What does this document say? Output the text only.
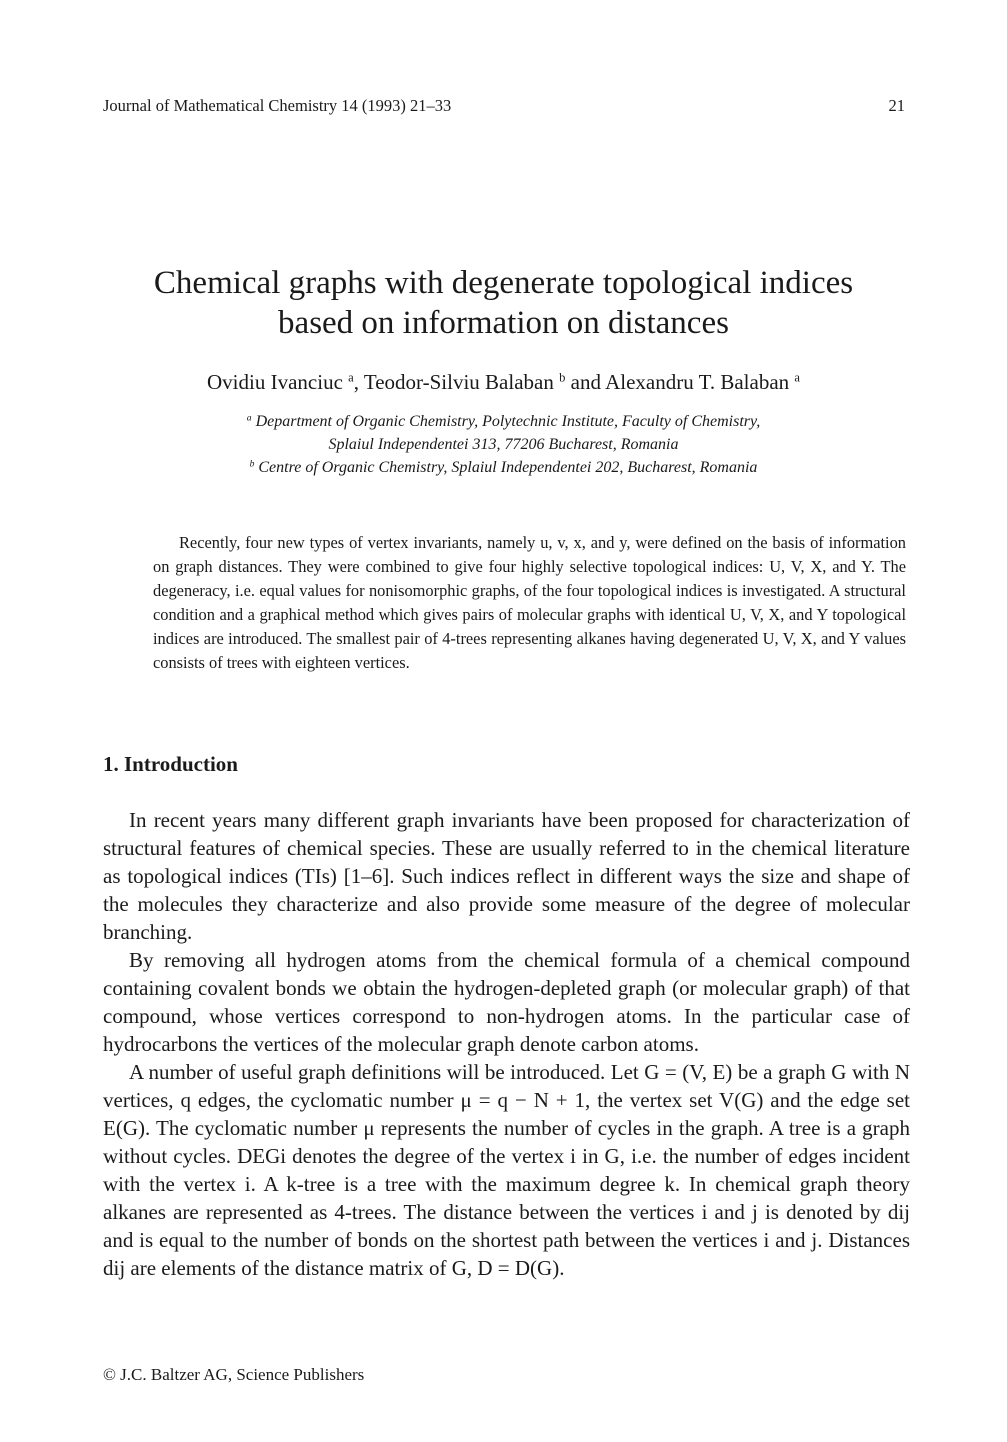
Journal of Mathematical Chemistry 14 (1993) 21–33	21
Chemical graphs with degenerate topological indices
based on information on distances
Ovidiu Ivanciuc $^a$, Teodor-Silviu Balaban $^b$ and Alexandru T. Balaban $^a$
$^a$ Department of Organic Chemistry, Polytechnic Institute, Faculty of Chemistry,
Splaiul Independentei 313, 77206 Bucharest, Romania
$^b$ Centre of Organic Chemistry, Splaiul Independentei 202, Bucharest, Romania

Recently, four new types of vertex invariants, namely u, v, x, and y, were defined on the basis of information on graph distances. They were combined to give four highly selective topological indices: U, V, X, and Y. The degeneracy, i.e. equal values for nonisomorphic graphs, of the four topological indices is investigated. A structural condition and a graphical method which gives pairs of molecular graphs with identical U, V, X, and Y topological indices are introduced. The smallest pair of 4-trees representing alkanes having degenerated U, V, X, and Y values consists of trees with eighteen vertices.

1. Introduction

In recent years many different graph invariants have been proposed for characterization of structural features of chemical species. These are usually referred to in the chemical literature as topological indices (TIs) [1–6]. Such indices reflect in different ways the size and shape of the molecules they characterize and also provide some measure of the degree of molecular branching.

By removing all hydrogen atoms from the chemical formula of a chemical compound containing covalent bonds we obtain the hydrogen-depleted graph (or molecular graph) of that compound, whose vertices correspond to non-hydrogen atoms. In the particular case of hydrocarbons the vertices of the molecular graph denote carbon atoms.

A number of useful graph definitions will be introduced. Let G = (V, E) be a graph G with N vertices, q edges, the cyclomatic number μ = q − N + 1, the vertex set V(G) and the edge set E(G). The cyclomatic number μ represents the number of cycles in the graph. A tree is a graph without cycles. DEGi denotes the degree of the vertex i in G, i.e. the number of edges incident with the vertex i. A k-tree is a tree with the maximum degree k. In chemical graph theory alkanes are represented as 4-trees. The distance between the vertices i and j is denoted by dij and is equal to the number of bonds on the shortest path between the vertices i and j. Distances dij are elements of the distance matrix of G, D = D(G).

© J.C. Baltzer AG, Science Publishers
